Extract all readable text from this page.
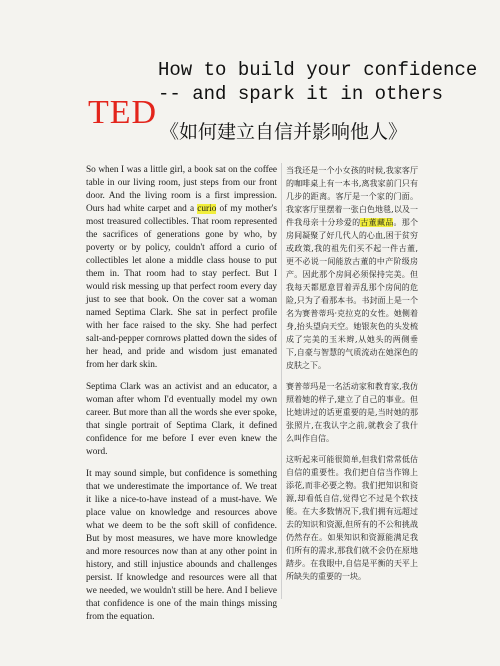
TED
How to build your confidence
-- and spark it in others
《如何建立自信并影响他人》

So when I was a little girl, a book sat on the coffee table in our living room, just steps from our front door. And the living room is a first impression. Ours had white carpet and a curio of my mother's most treasured collectibles. That room represented the sacrifices of generations gone by who, by poverty or by policy, couldn't afford a curio of collectibles let alone a middle class house to put them in. That room had to stay perfect. But I would risk messing up that perfect room every day just to see that book. On the cover sat a woman named Septima Clark. She sat in perfect profile with her face raised to the sky. She had perfect salt-and-pepper cornrows platted down the sides of her head, and pride and wisdom just emanated from her dark skin.

Septima Clark was an activist and an educator, a woman after whom I'd eventually model my own career. But more than all the words she ever spoke, that single portrait of Septima Clark, it defined confidence for me before I ever even knew the word.

It may sound simple, but confidence is something that we underestimate the importance of. We treat it like a nice-to-have instead of a must-have. We place value on knowledge and resources above what we deem to be the soft skill of confidence. But by most measures, we have more knowledge and more resources now than at any other point in history, and still injustice abounds and challenges persist. If knowledge and resources were all that we needed, we wouldn't still be here. And I believe that confidence is one of the main things missing from the equation.

当我还是一个小女孩的时候,我家客厅的咖啡桌上有一本书,离我家前门只有几步的距离。客厅是一个家的门面。我家客厅里摆着一张白色地毯,以及一件我母亲十分珍爱的古董藏品。那个房间凝聚了好几代人的心血,困于贫穷或政策,我的祖先们买不起一件古董,更不必说一间能放古董的中产阶级房产。因此那个房间必须保持完美。但我每天都愿意冒着弄乱那个房间的危险,只为了看那本书。书封面上是一个名为赛普蒂玛·克拉克的女性。她侧着身,抬头望向天空。她银灰色的头发梳成了完美的玉米辫,从她头的两侧垂下,自豪与智慧的气质流动在她深色的皮肤之下。

赛普蒂玛是一名活动家和教育家,我仿照着她的样子,建立了自己的事业。但比她讲过的话更重要的是,当时她的那张照片,在我认字之前,就教会了我什么叫作自信。

这听起来可能很简单,但我们常常低估自信的重要性。我们把自信当作锦上添花,而非必要之物。我们把知识和资源,却看低自信,觉得它不过是个软技能。在大多数情况下,我们拥有远超过去的知识和资源,但所有的不公和挑战仍然存在。如果知识和资源能满足我们所有的需求,那我们就不会仍在原地踏步。在我眼中,自信是平衡的天平上所缺失的重要的一块。
